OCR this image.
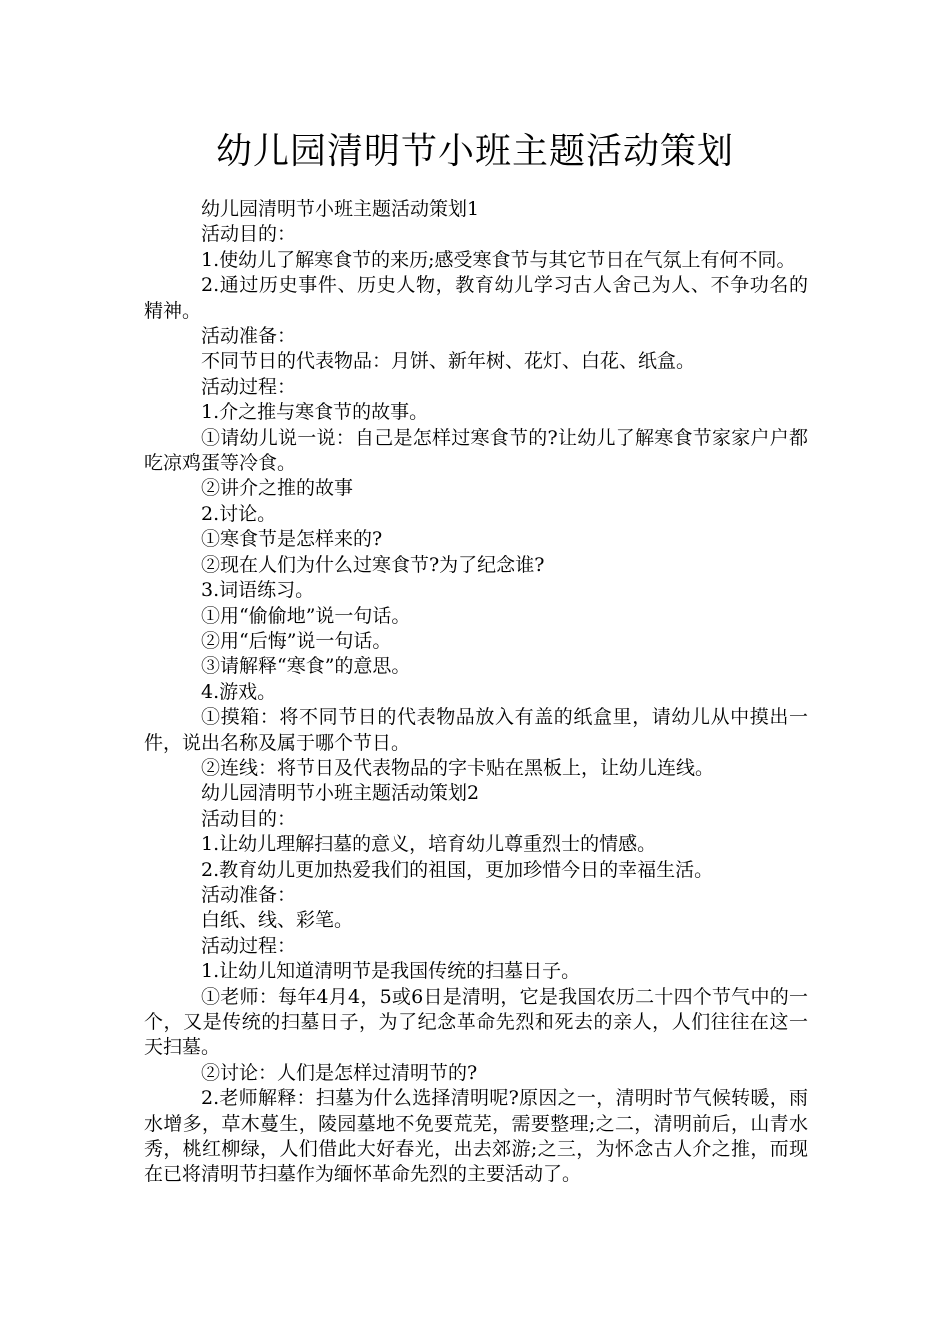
幼儿园清明节小班主题活动策划

幼儿园清明节小班主题活动策划1

活动目的：

1.使幼儿了解寒食节的来历;感受寒食节与其它节日在气氛上有何不同。

2.通过历史事件、历史人物，教育幼儿学习古人舍己为人、不争功名的精神。

活动准备：

不同节日的代表物品：月饼、新年树、花灯、白花、纸盒。

活动过程：

1.介之推与寒食节的故事。

①请幼儿说一说：自己是怎样过寒食节的?让幼儿了解寒食节家家户户都吃凉鸡蛋等冷食。

②讲介之推的故事

2.讨论。

①寒食节是怎样来的?

②现在人们为什么过寒食节?为了纪念谁?

3.词语练习。

①用“偷偷地”说一句话。

②用“后悔”说一句话。

③请解释“寒食”的意思。

4.游戏。

①摸箱：将不同节日的代表物品放入有盖的纸盒里，请幼儿从中摸出一件，说出名称及属于哪个节日。

②连线：将节日及代表物品的字卡贴在黑板上，让幼儿连线。

幼儿园清明节小班主题活动策划2

活动目的：

1.让幼儿理解扫墓的意义，培育幼儿尊重烈士的情感。

2.教育幼儿更加热爱我们的祖国，更加珍惜今日的幸福生活。

活动准备：

白纸、线、彩笔。

活动过程：

1.让幼儿知道清明节是我国传统的扫墓日子。

①老师：每年4月4，5或6日是清明，它是我国农历二十四个节气中的一个，又是传统的扫墓日子，为了纪念革命先烈和死去的亲人，人们往往在这一天扫墓。

②讨论：人们是怎样过清明节的?

2.老师解释：扫墓为什么选择清明呢?原因之一，清明时节气候转暖，雨水增多，草木蔓生，陵园墓地不免要荒芜，需要整理;之二，清明前后，山青水秀，桃红柳绿，人们借此大好春光，出去郊游;之三，为怀念古人介之推，而现在已将清明节扫墓作为缅怀革命先烈的主要活动了。
